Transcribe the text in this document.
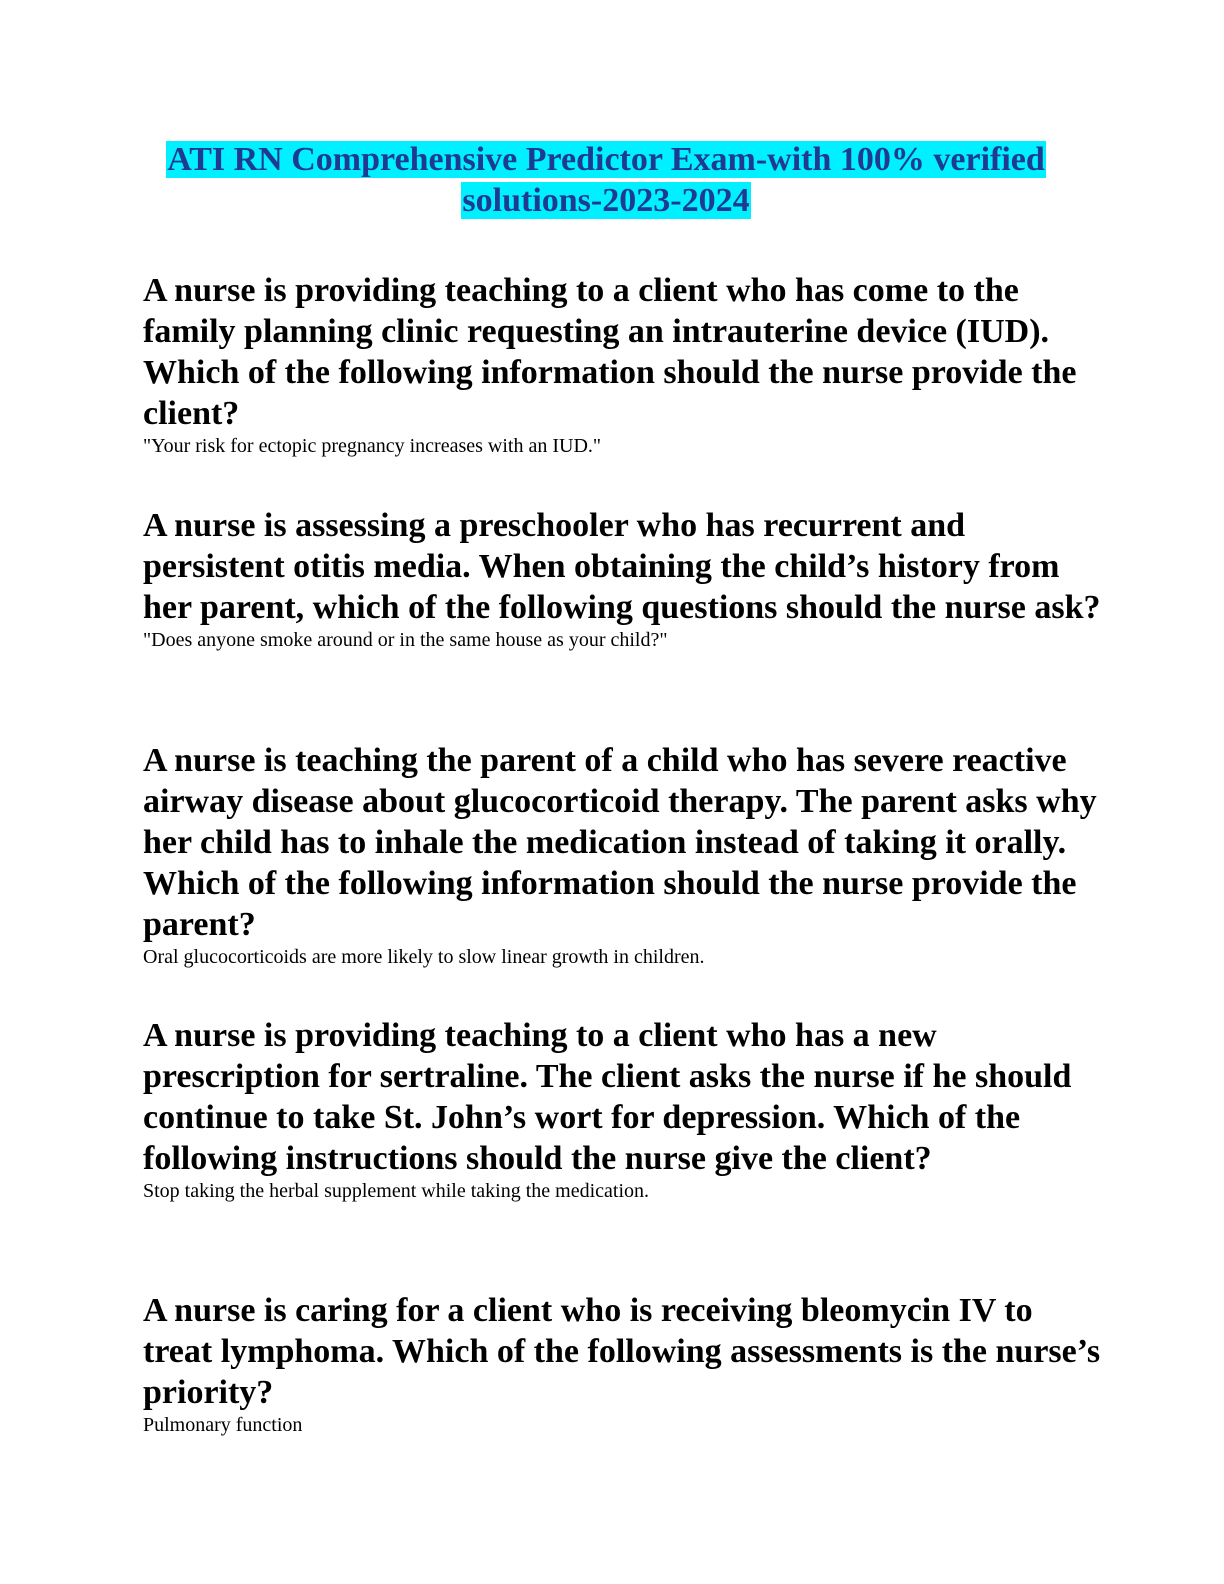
ATI RN Comprehensive Predictor Exam-with 100% verified
solutions-2023-2024

A nurse is providing teaching to a client who has come to the family planning clinic requesting an intrauterine device (IUD). Which of the following information should the nurse provide the client?

"Your risk for ectopic pregnancy increases with an IUD."

A nurse is assessing a preschooler who has recurrent and persistent otitis media. When obtaining the child’s history from her parent, which of the following questions should the nurse ask?

"Does anyone smoke around or in the same house as your child?"

A nurse is teaching the parent of a child who has severe reactive airway disease about glucocorticoid therapy. The parent asks why her child has to inhale the medication instead of taking it orally. Which of the following information should the nurse provide the parent?

Oral glucocorticoids are more likely to slow linear growth in children.

A nurse is providing teaching to a client who has a new prescription for sertraline. The client asks the nurse if he should continue to take St. John’s wort for depression. Which of the following instructions should the nurse give the client?

Stop taking the herbal supplement while taking the medication.

A nurse is caring for a client who is receiving bleomycin IV to treat lymphoma. Which of the following assessments is the nurse’s priority?

Pulmonary function
